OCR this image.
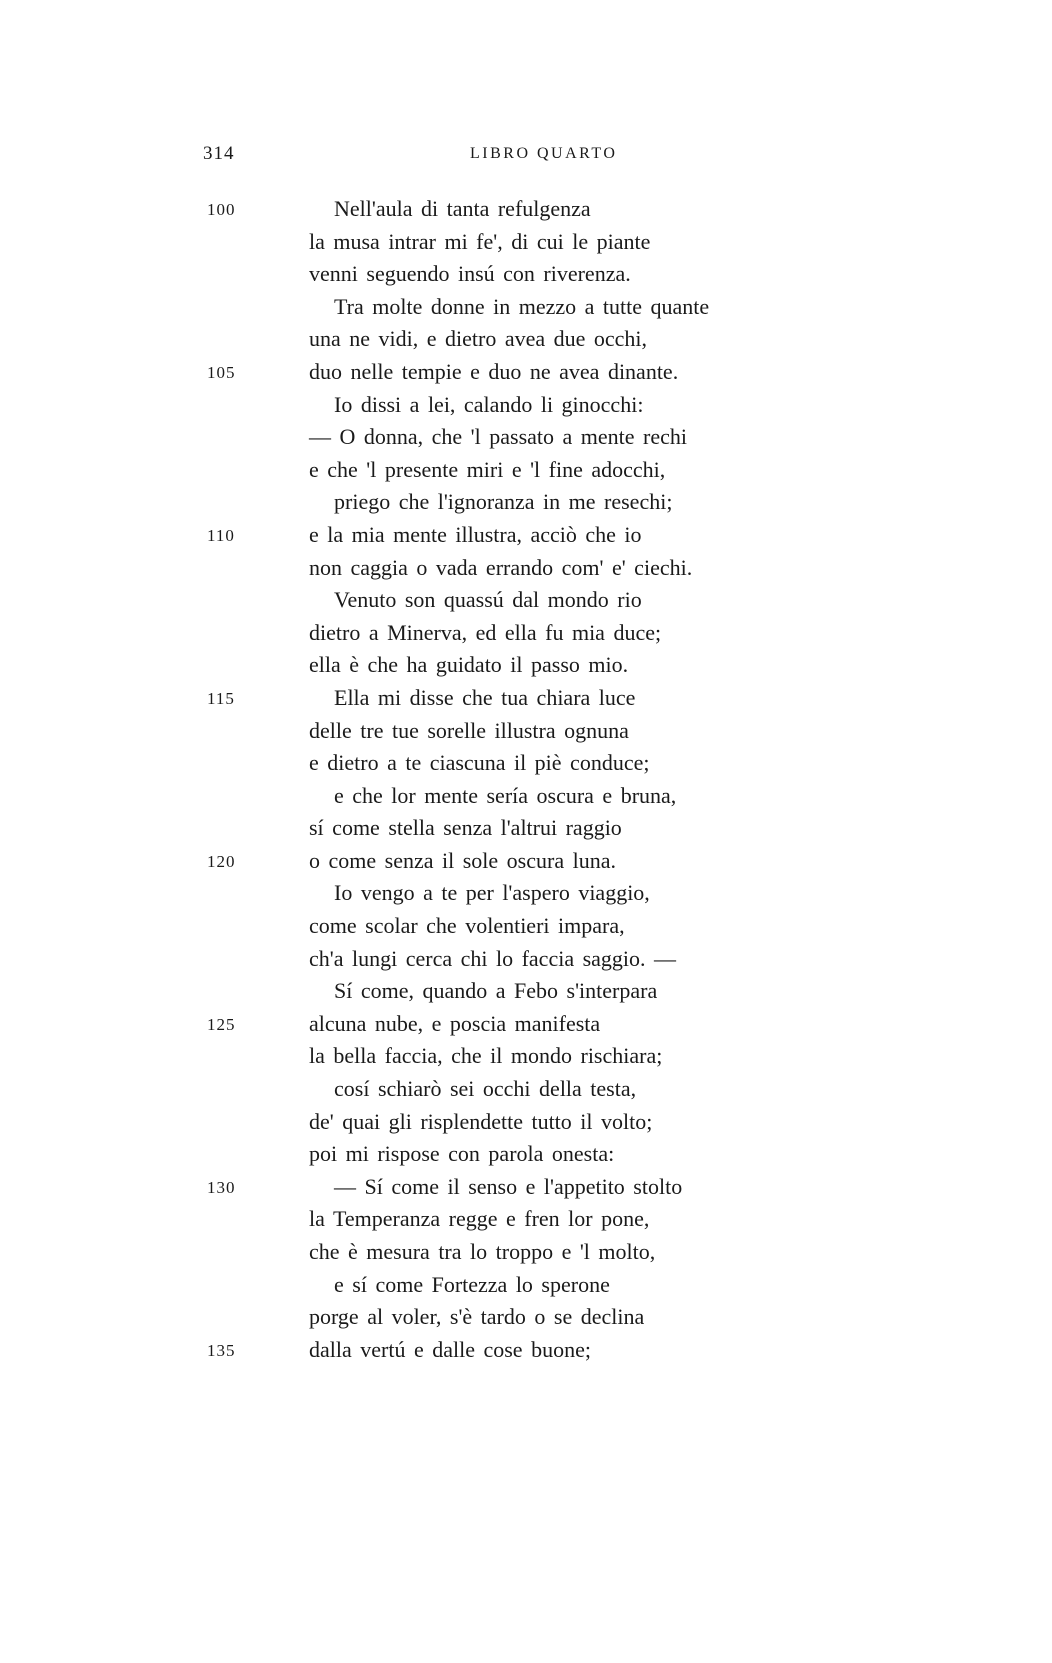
314	LIBRO QUARTO
100	Nell'aula di tanta refulgenza
la musa intrar mi fe', di cui le piante
venni seguendo insú con riverenza.
Tra molte donne in mezzo a tutte quante
una ne vidi, e dietro avea due occhi,
105	duo nelle tempie e duo ne avea dinante.
Io dissi a lei, calando li ginocchi:
— O donna, che 'l passato a mente rechi
e che 'l presente miri e 'l fine adocchi,
priego che l'ignoranza in me resechi;
110	e la mia mente illustra, acciò che io
non caggia o vada errando com' e' ciechi.
Venuto son quassú dal mondo rio
dietro a Minerva, ed ella fu mia duce;
ella è che ha guidato il passo mio.
115	Ella mi disse che tua chiara luce
delle tre tue sorelle illustra ognuna
e dietro a te ciascuna il piè conduce;
e che lor mente sería oscura e bruna,
sí come stella senza l'altrui raggio
120	o come senza il sole oscura luna.
Io vengo a te per l'aspero viaggio,
come scolar che volentieri impara,
ch'a lungi cerca chi lo faccia saggio. —
Sí come, quando a Febo s'interpara
125	alcuna nube, e poscia manifesta
la bella faccia, che il mondo rischiara;
cosí schiarò sei occhi della testa,
de' quai gli risplendette tutto il volto;
poi mi rispose con parola onesta:
130	— Sí come il senso e l'appetito stolto
la Temperanza regge e fren lor pone,
che è mesura tra lo troppo e 'l molto,
e sí come Fortezza lo sperone
porge al voler, s'è tardo o se declina
135	dalla vertú e dalle cose buone;
